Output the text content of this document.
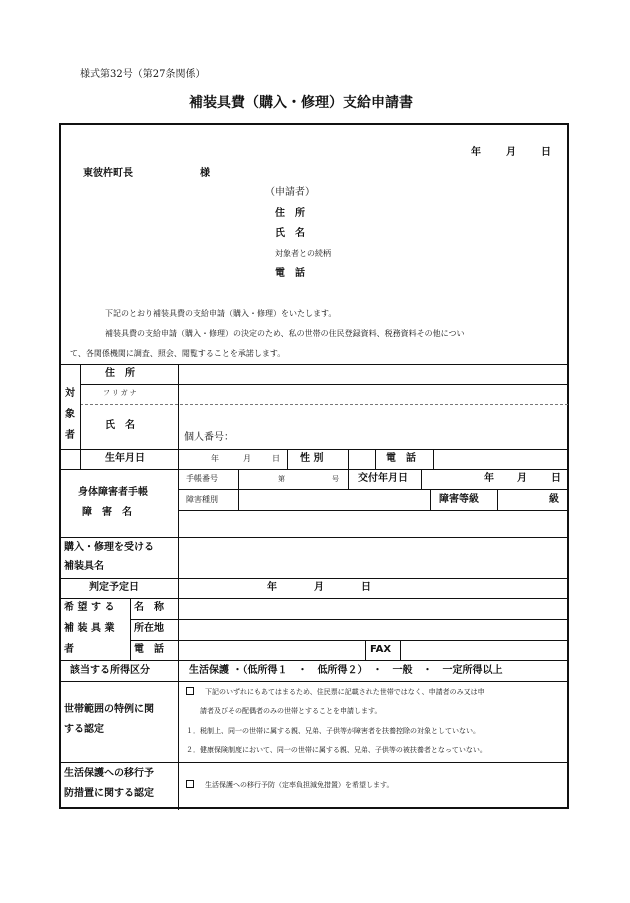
様式第32号（第27条関係）
補装具費（購入・修理）支給申請書
年	月	日
東彼杵町長	様
（申請者）
住　所
氏　名
対象者との続柄
電　話
下記のとおり補装具費の支給申請（購入・修理）をいたします。
補装具費の支給申請（購入・修理）の決定のため、私の世帯の住民登録資料、税務資料その他につい
て、各関係機関に調査、照会、閲覧することを承諾します。
対
象
者
住　所
フリガナ
氏　名
個人番号：
生年月日	年	月	日 性 別	電　話
身体障害者手帳
障　害　名
手帳番号	第	号 交付年月日	年 月 日
障害種別	障害等級	級
購入・修理を受ける
補装具名
判定予定日	年	月	日
希 望 す る
補 装 具 業
者
名　称
所在地
電　話	FAX
該当する所得区分	生活保護 ・（低所得１　・　低所得２）　・　一般　・　一定所得以上
世帯範囲の特例に関
する認定
下記のいずれにもあてはまるため、住民票に記載された世帯ではなく、申請者のみ又は申
請者及びその配偶者のみの世帯とすることを申請します。
１．税制上、同一の世帯に属する親、兄弟、子供等が障害者を扶養控除の対象としていない。
２．健康保険制度において、同一の世帯に属する親、兄弟、子供等の被扶養者となっていない。
生活保護への移行予
防措置に関する認定
生活保護への移行予防（定率負担減免措置）を希望します。
